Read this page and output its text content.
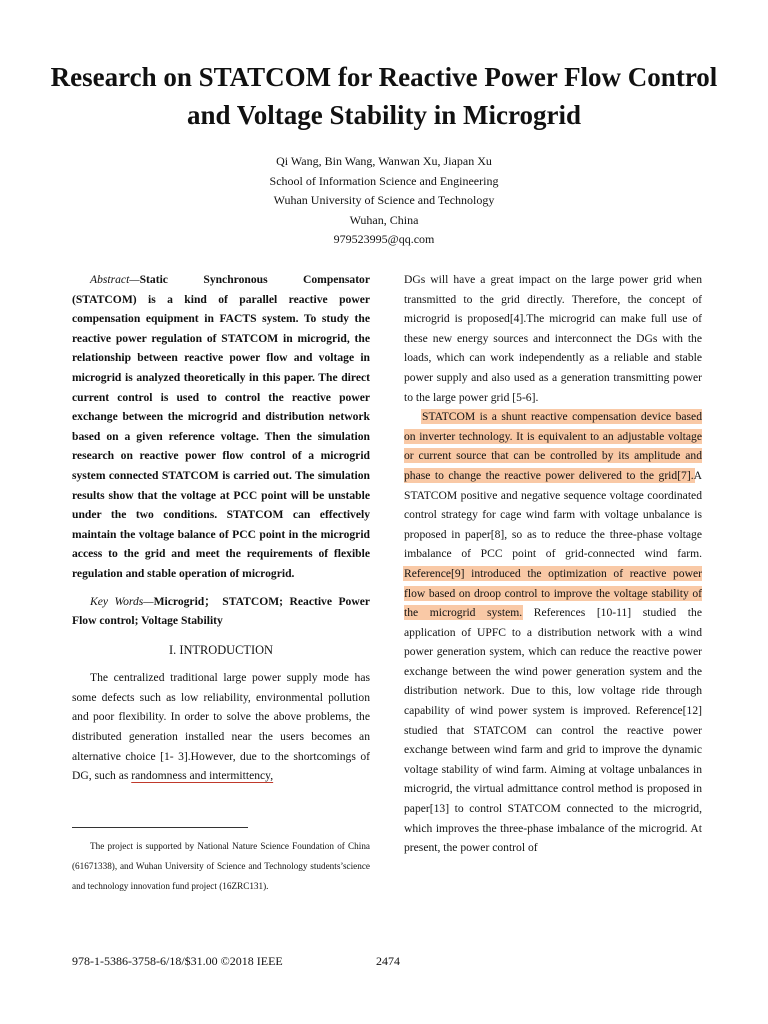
Research on STATCOM for Reactive Power Flow Control and Voltage Stability in Microgrid
Qi Wang, Bin Wang, Wanwan Xu, Jiapan Xu
School of Information Science and Engineering
Wuhan University of Science and Technology
Wuhan, China
979523995@qq.com

Abstract—Static Synchronous Compensator (STATCOM) is a kind of parallel reactive power compensation equipment in FACTS system. To study the reactive power regulation of STATCOM in microgrid, the relationship between reactive power flow and voltage in microgrid is analyzed theoretically in this paper. The direct current control is used to control the reactive power exchange between the microgrid and distribution network based on a given reference voltage. Then the simulation research on reactive power flow control of a microgrid system connected STATCOM is carried out. The simulation results show that the voltage at PCC point will be unstable under the two conditions. STATCOM can effectively maintain the voltage balance of PCC point in the microgrid access to the grid and meet the requirements of flexible regulation and stable operation of microgrid.

Key Words—Microgrid； STATCOM; Reactive Power Flow control; Voltage Stability

I. INTRODUCTION

The centralized traditional large power supply mode has some defects such as low reliability, environmental pollution and poor flexibility. In order to solve the above problems, the distributed generation installed near the users becomes an alternative choice [1- 3].However, due to the shortcomings of DG, such as randomness and intermittency,

DGs will have a great impact on the large power grid when transmitted to the grid directly. Therefore, the concept of microgrid is proposed[4].The microgrid can make full use of these new energy sources and interconnect the DGs with the loads, which can work independently as a reliable and stable power supply and also used as a generation transmitting power to the large power grid [5-6].

STATCOM is a shunt reactive compensation device based on inverter technology. It is equivalent to an adjustable voltage or current source that can be controlled by its amplitude and phase to change the reactive power delivered to the grid[7].A STATCOM positive and negative sequence voltage coordinated control strategy for cage wind farm with voltage unbalance is proposed in paper[8], so as to reduce the three-phase voltage imbalance of PCC point of grid-connected wind farm. Reference[9] introduced the optimization of reactive power flow based on droop control to improve the voltage stability of the microgrid system. References [10-11] studied the application of UPFC to a distribution network with a wind power generation system, which can reduce the reactive power exchange between the wind power generation system and the distribution network. Due to this, low voltage ride through capability of wind power system is improved. Reference[12] studied that STATCOM can control the reactive power exchange between wind farm and grid to improve the dynamic voltage stability of wind farm. Aiming at voltage unbalances in microgrid, the virtual admittance control method is proposed in paper[13] to control STATCOM connected to the microgrid, which improves the three-phase imbalance of the microgrid. At present, the power control of

The project is supported by National Nature Science Foundation of China (61671338), and Wuhan University of Science and Technology students’science and technology innovation fund project (16ZRC131).

978-1-5386-3758-6/18/$31.00 ©2018 IEEE	2474
